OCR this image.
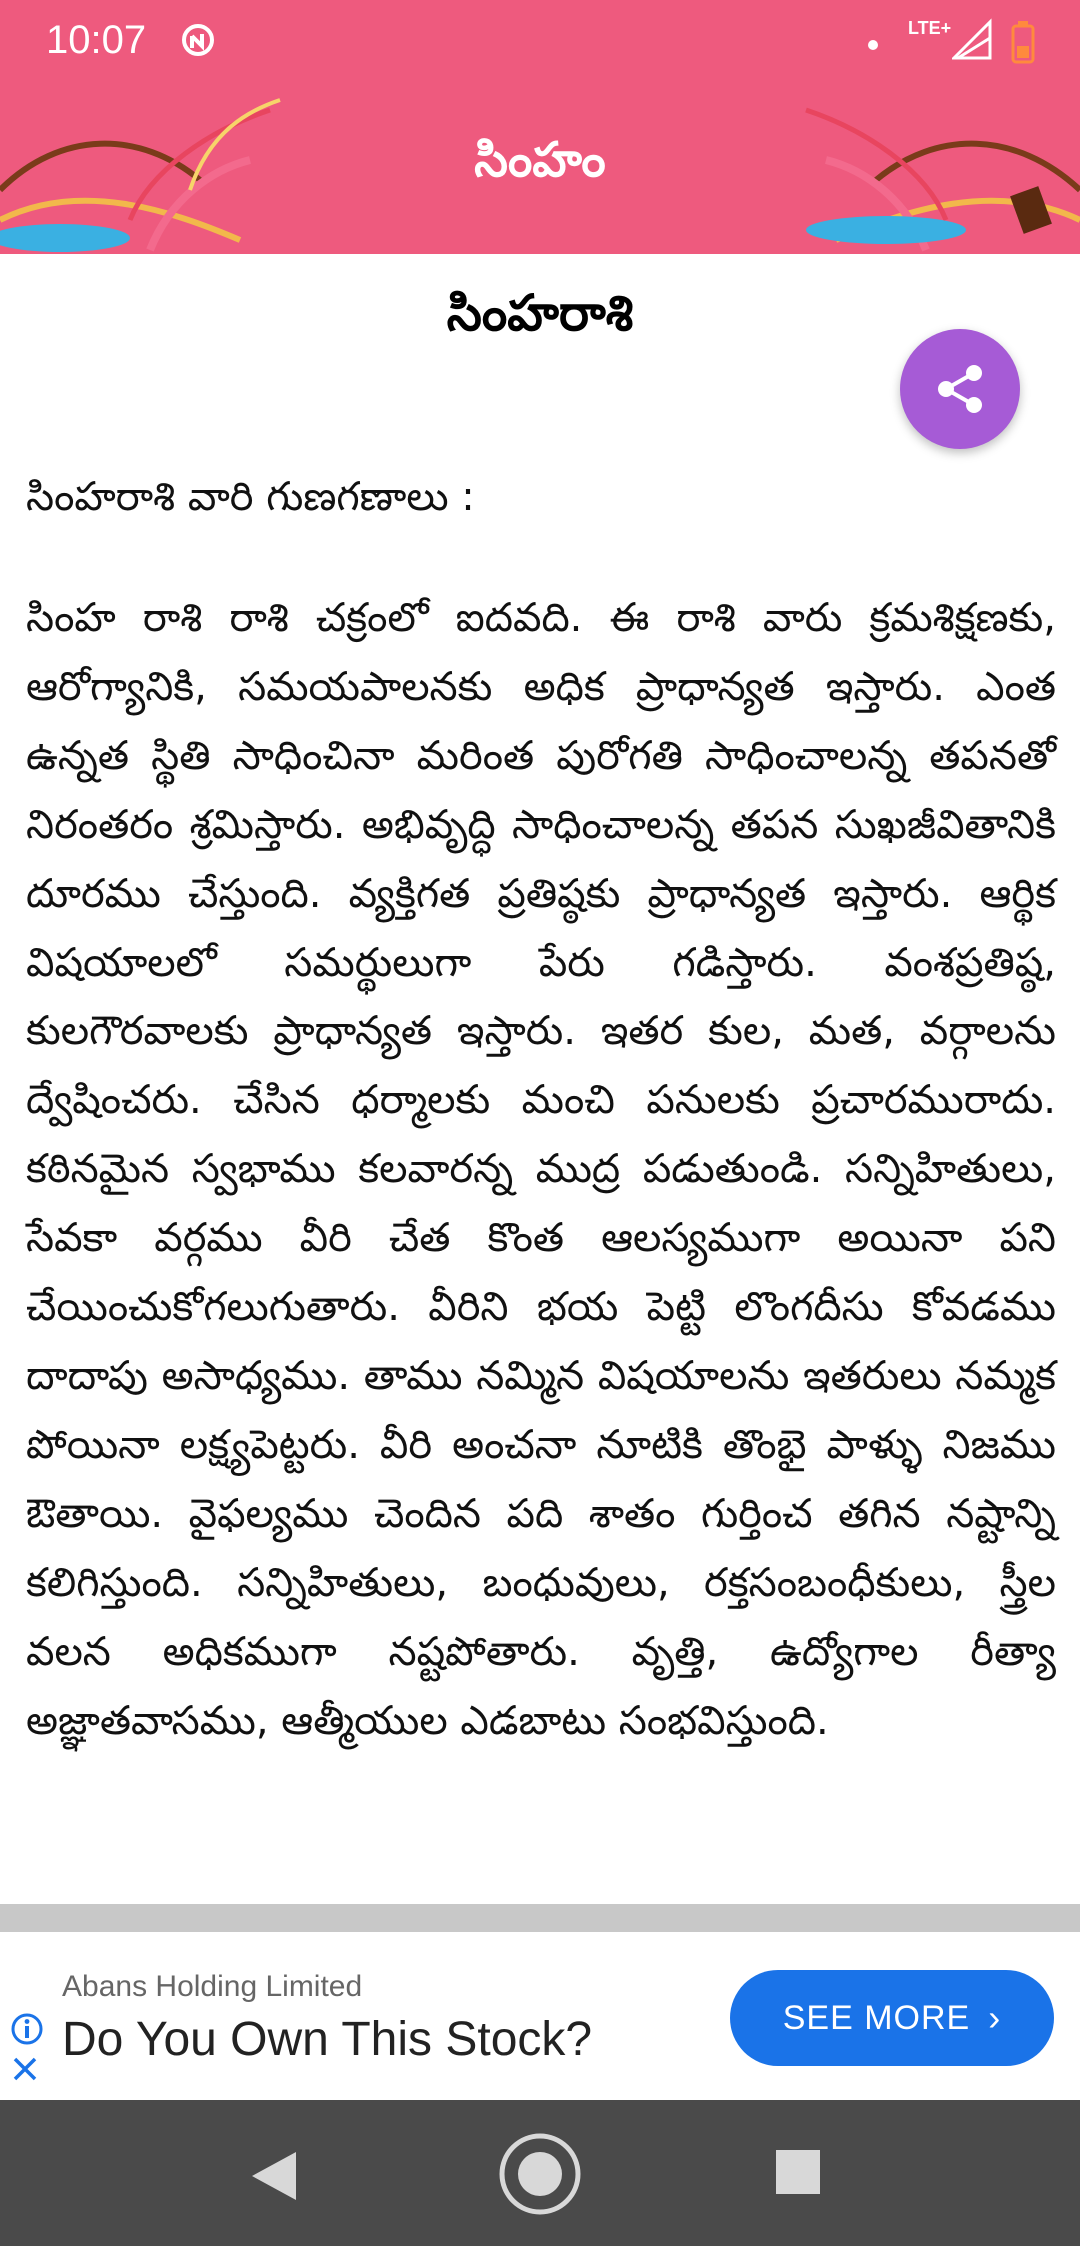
10:07	LTE+
సింహం
సింహరాశి
సింహరాశి వారి గుణగణాలు :
సింహ రాశి రాశి చక్రంలో ఐదవది. ఈ రాశి వారు క్రమశిక్షణకు, ఆరోగ్యానికి, సమయపాలనకు అధిక ప్రాధాన్యత ఇస్తారు. ఎంత ఉన్నత స్థితి సాధించినా మరింత పురోగతి సాధించాలన్న తపనతో నిరంతరం శ్రమిస్తారు. అభివృద్ధి సాధించాలన్న తపన సుఖజీవితానికి దూరము చేస్తుంది. వ్యక్తిగత ప్రతిష్ఠకు ప్రాధాన్యత ఇస్తారు. ఆర్థిక విషయాలలో సమర్థులుగా పేరు గడిస్తారు. వంశప్రతిష్ఠ, కులగౌరవాలకు ప్రాధాన్యత ఇస్తారు. ఇతర కుల, మత, వర్గాలను ద్వేషించరు. చేసిన ధర్మాలకు మంచి పనులకు ప్రచారమురాదు. కఠినమైన స్వభాము కలవారన్న ముద్ర పడుతుండి. సన్నిహితులు, సేవకా వర్గము వీరి చేత కొంత ఆలస్యముగా అయినా పని చేయించుకోగలుగుతారు. వీరిని భయ పెట్టి లొంగదీసు కోవడము దాదాపు అసాధ్యము. తాము నమ్మిన విషయాలను ఇతరులు నమ్మక పోయినా లక్ష్యపెట్టరు. వీరి అంచనా నూటికి తొంభై పాళ్ళు నిజము ఔతాయి. వైఫల్యము చెందిన పది శాతం గుర్తించ తగిన నష్టాన్ని కలిగిస్తుంది. సన్నిహితులు, బంధువులు, రక్తసంబంధీకులు, స్త్రీల వలన అధికముగా నష్టపోతారు. వృత్తి, ఉద్యోగాల రీత్యా అజ్ఞాతవాసము, ఆత్మీయుల ఎడబాటు సంభవిస్తుంది.
Abans Holding Limited
Do You Own This Stock?	SEE MORE ›
